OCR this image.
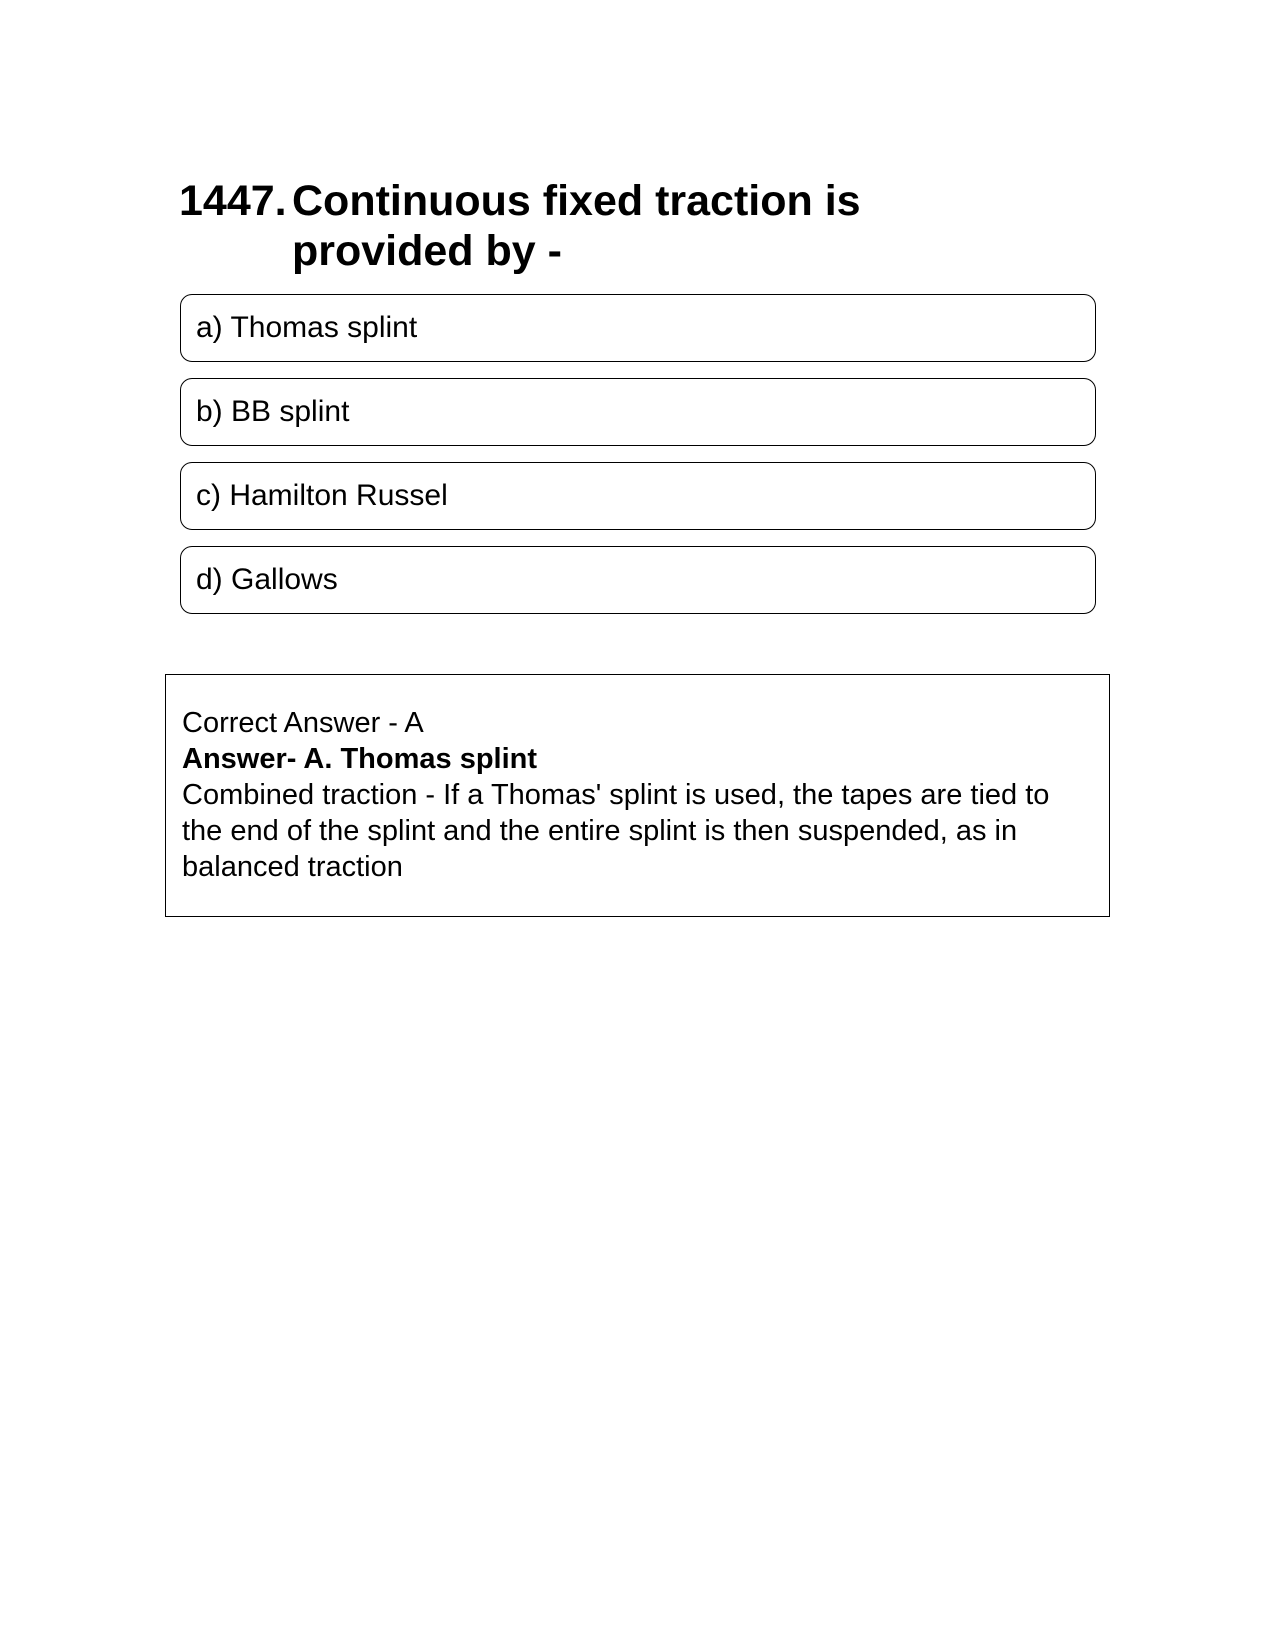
1447. Continuous fixed traction is provided by -
a) Thomas splint
b) BB splint
c) Hamilton Russel
d) Gallows
Correct Answer - A
Answer- A. Thomas splint
Combined traction - If a Thomas' splint is used, the tapes are tied to the end of the splint and the entire splint is then suspended, as in balanced traction
